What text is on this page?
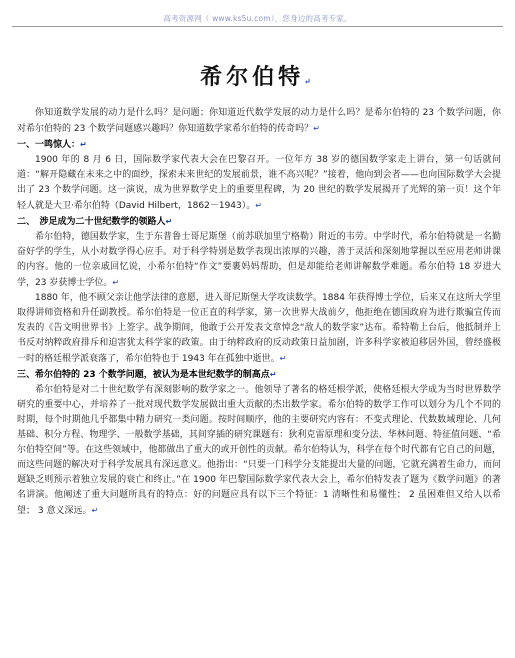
高考资源网（ www.ks5u.com），您身边的高考专家。
希尔伯特↵

你知道数学发展的动力是什么吗？是问题；你知道近代数学发展的动力是什么吗？是希尔伯特的 23 个数学问题，你对希尔伯特的 23 个数学问题感兴趣吗？你知道数学家希尔伯特的传奇吗？↵

一、一鸣惊人：↵

1900 年的 8 月 6 日，国际数学家代表大会在巴黎召开。一位年方 38 岁的德国数学家走上讲台，第一句话就问道：“解开隐藏在未来之中的面纱，探索未来世纪的发展前景，谁不高兴呢？”接着，他向到会者——也向国际数学大会提出了 23 个数学问题。这一演说，成为世界数学史上的重要里程碑，为 20 世纪的数学发展揭开了光辉的第一页！这个年轻人就是大卫·希尔伯特（David Hilbert，1862－1943）。↵

二、　涉足成为二十世纪数学的领路人↵

希尔伯特，德国数学家，生于东普鲁士哥尼斯堡（前苏联加里宁格勒）附近的韦劳。中学时代，希尔伯特就是一名勤奋好学的学生，从小对数学得心应手。对于科学特别是数学表现出浓厚的兴趣，善于灵活和深刻地掌握以至应用老师讲课的内容。他的一位亲戚回忆说，小希尔伯特“作文”要裹妈妈帮助，但是却能给老师讲解数学难题。希尔伯特 18 岁进大学，23 岁获博士学位。↵

1880 年，他不顾父亲让他学法律的意愿，进入哥尼斯堡大学攻读数学。1884 年获得博士学位，后来又在这所大学里取得讲师资格和升任副教授。希尔伯特是一位正直的科学家，第一次世界大战前夕，他拒绝在德国政府为进行欺骗宣传而发表的《告文明世界书》上签字。战争期间，他敢于公开发表文章悼念“敌人的数学家”达布。希特勒上台后，他抵制并上书反对纳粹政府排斥和迫害犹太科学家的政策。由于纳粹政府的反动政策日益加剧，许多科学家被迫移居外国，曾经盛极一时的格廷根学派衰落了，希尔伯特也于 1943 年在孤独中逝世。↵

三、希尔伯特的 23 个数学问题，被认为是本世纪数学的制高点↵

希尔伯特是对二十世纪数学有深刻影响的数学家之一。他领导了著名的格廷根学派，使格廷根大学成为当时世界数学研究的重要中心，并培养了一批对现代数学发展做出重大贡献的杰出数学家。希尔伯特的数学工作可以划分为几个不同的时期，每个时期他几乎都集中精力研究一类问题。按时间顺序，他的主要研究内容有：不变式理论、代数数域理论、几何基础、积分方程、物理学、一般数学基础，其间穿插的研究课题有：狄利克雷原理和变分法、华林问题、特征值问题、“希尔伯特空间”等。在这些领域中，他都做出了重大的或开创性的贡献。希尔伯特认为，科学在每个时代都有它自己的问题，而这些问题的解决对于科学发展具有深远意义。他指出：“只要一门科学分支能提出大量的问题，它就充满着生命力，而问题缺乏则预示着独立发展的衰亡和终止。”在 1900 年巴黎国际数学家代表大会上，希尔伯特发表了题为《数学问题》的著名讲演。他阐述了重大问题所具有的特点：好的问题应具有以下三个特征：1 清晰性和易懂性； 2 虽困难但又给人以希望； 3 意义深远。↵
